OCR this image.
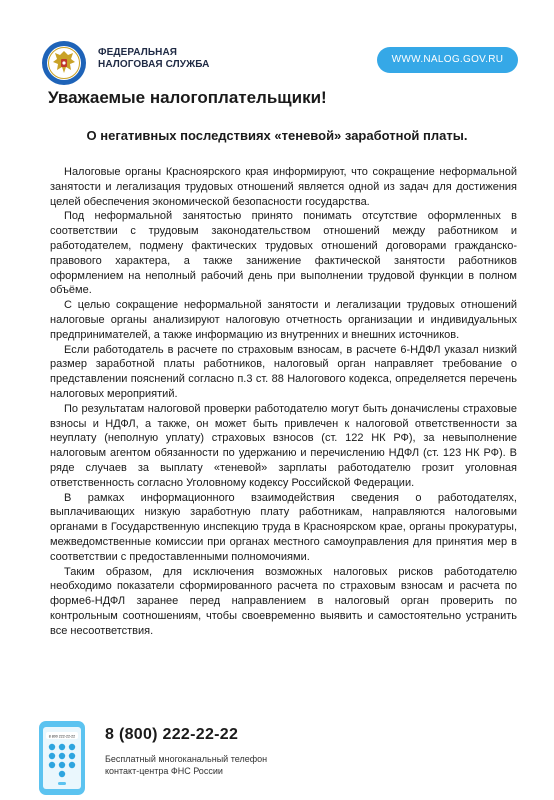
ФЕДЕРАЛЬНАЯ
НАЛОГОВАЯ СЛУЖБА	WWW.NALOG.GOV.RU
Уважаемые налогоплательщики!
О негативных последствиях «теневой» заработной платы.

Налоговые органы Красноярского края информируют, что сокращение неформальной занятости и легализация трудовых отношений является одной из задач для достижения целей обеспечения экономической безопасности государства.

Под неформальной занятостью принято понимать отсутствие оформленных в соответствии с трудовым законодательством отношений между работником и работодателем, подмену фактических трудовых отношений договорами гражданско-правового характера, а также занижение фактической занятости работников оформлением на неполный рабочий день при выполнении трудовой функции в полном объёме.

С целью сокращение неформальной занятости и легализации трудовых отношений налоговые органы анализируют налоговую отчетность организации и индивидуальных предпринимателей, а также информацию из внутренних и внешних источников.

Если работодатель в расчете по страховым взносам, в расчете 6-НДФЛ указал низкий размер заработной платы работников, налоговый орган направляет требование о представлении пояснений согласно п.3 ст. 88 Налогового кодекса, определяется перечень налоговых мероприятий.

По результатам налоговой проверки работодателю могут быть доначислены страховые взносы и НДФЛ, а также, он может быть привлечен к налоговой ответственности за неуплату (неполную уплату) страховых взносов (ст. 122 НК РФ), за невыполнение налоговым агентом обязанности по удержанию и перечислению НДФЛ (ст. 123 НК РФ). В ряде случаев за выплату «теневой» зарплаты работодателю грозит уголовная ответственность согласно Уголовному кодексу Российской Федерации.

В рамках информационного взаимодействия сведения о работодателях, выплачивающих низкую заработную плату работникам, направляются налоговыми органами в Государственную инспекцию труда в Красноярском крае, органы прокуратуры, межведомственные комиссии при органах местного самоуправления для принятия мер в соответствии с предоставленными полномочиями.

Таким образом, для исключения возможных налоговых рисков работодателю необходимо показатели сформированного расчета по страховым взносам и расчета по форме6-НДФЛ заранее перед направлением в налоговый орган проверить по контрольным соотношениям, чтобы своевременно выявить и самостоятельно устранить все несоответствия.

8 800 222-22-22 8 (800) 222-22-22
Бесплатный многоканальный телефон
контакт-центра ФНС России
